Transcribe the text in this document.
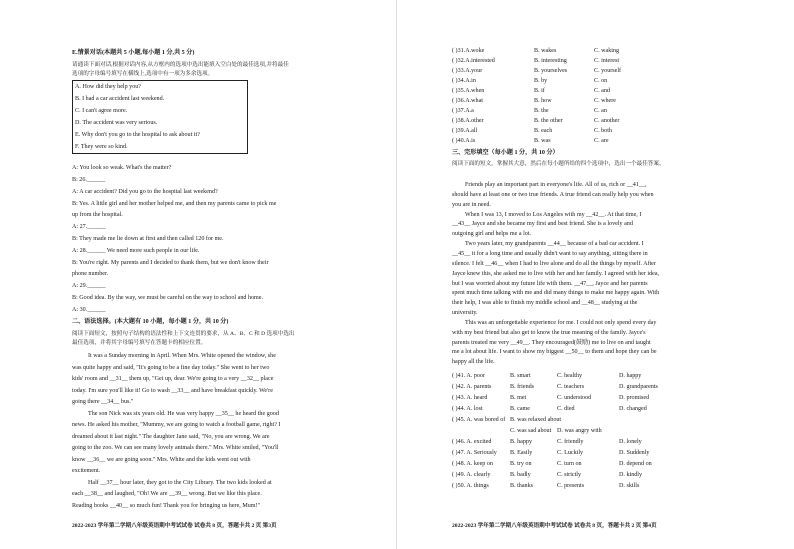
E.情景对话(本题共 5 小题,每小题 1 分,共 5 分)
请通读下面对话,根据对话内容,从方框内的选项中选出能填入空白处的最佳选项,并将最佳
选项的字母编号填写在横线上,选项中有一项为多余选项。
A. How did they help you?
B. I had a car accident last weekend.
C. I can't agree more.
D. The accident was very serious.
E. Why don't you go to the hospital to ask about it?
F. They were so kind.
A: You look so weak. What's the matter?
B: 26.______
A: A car accident? Did you go to the hospital last weekend?
B: Yes. A little girl and her mother helped me, and then my parents came to pick me
up from the hospital.
A: 27.______
B: They made me lie down at first and then called 120 for me.
A: 28.______ We need more such people in our life.
B: You're right. My parents and I decided to thank them, but we don't know their
phone number.
A: 29.______
B: Good idea. By the way, we must be careful on the way to school and home.
A: 30.______
二、语法选择。(本大题有 10 小题，每小题 1 分，共 10 分)
阅读下面短文，按照句子结构的语法性和上下文连贯的要求，从 A、B、C 和 D 选项中选出
最佳选项，并将其字母编号填写在答题卡的相应位置。
It was a Sunday morning in April. When Mrs. White opened the window, she
was quite happy and said, "It's going to be a fine day today." She went to her two
kids' room and __31__ them up, "Get up, dear. We're going to a very __32__ place
today. I'm sure you'll like it! Go to wash __33__ and have breakfast quickly. We're
going there __34__ bus."
The son Nick was six years old. He was very happy __35__ he heard the good
news. He asked his mother, "Mummy, we are going to watch a football game, right? I
dreamed about it last night." The daughter Jane said, "No, you are wrong. We are
going to the zoo. We can see many lovely animals there." Mrs. White smiled, "You'll
know __36__ we are going soon." Mrs. White and the kids went out with
excitement.
Half __37__ hour later, they got to the City Library. The two kids looked at
each __38__ and laughed, "Oh! We are __39__ wrong. But we like this place.
Reading books __40__ so much fun! Thank you for bringing us here, Mum!"
2022-2023 学年第二学期八年级英语期中考试试卷 试卷共 8 页，答题卡共 2 页 第3页
( )31.A.woke	B. wakes	C. waking
( )32.A.interested	B. interesting	C. interest
( )33.A.your	B. yourselves	C. yourself
( )34.A.in	B. by	C. on
( )35.A.when	B. if	C. and
( )36.A.what	B. how	C. where
( )37.A.a	B. the	C. an
( )38.A.other	B. the other	C. another
( )39.A.all	B. each	C. both
( )40.A.is	B. was	C. are
三、完形填空（每小题 1 分，共 10 分）
阅读下面的短文，掌握其大意，然后在每小题所给的四个选项中，选出一个最佳答案。
Friends play an important part in everyone's life. All of us, rich or __41__,
should have at least one or two true friends. A true friend can really help you when
you are in need.
When I was 13, I moved to Los Angeles with my __42__. At that time, I
__43__ Jayce and she became my first and best friend. She is a lovely and
outgoing girl and helps me a lot.
Two years later, my grandparents __44__ because of a bad car accident. I
__45__ it for a long time and usually didn't want to say anything, sitting there in
silence. I felt __46__ when I had to live alone and do all the things by myself. After
Jayce knew this, she asked me to live with her and her family. I agreed with her idea,
but I was worried about my future life with them. __47__, Jayce and her parents
spent much time talking with me and did many things to make me happy again. With
their help, I was able to finish my middle school and __48__ studying at the
university.
This was an unforgettable experience for me. I could not only spend every day
with my best friend but also get to know the true meaning of the family. Jayce's
parents treated me very __49__. They encouraged(鼓励) me to live on and taught
me a lot about life. I want to show my biggest __50__ to them and hope they can be
happy all the life.
( )41. A. poor	B. smart	C. healthy	D. happy
( )42. A. parents	B. friends	C. teachers	D. grandparents
( )43. A. heard	B. met	C. understood	D. promised
( )44. A. lost	B. came	C. died	D. changed
( )45. A. was bored of B. was relaxed about
C. was sad about D. was angry with
( )46. A. excited	B. happy	C. friendly	D. lonely
( )47. A. Seriously B. Easily	C. Luckily	D. Suddenly
( )48. A. keep on	B. try on	C. turn on	D. depend on
( )49. A. clearly	B. badly	C. strictly	D. kindly
( )50. A. things	B. thanks	C. presents	D. skills
2022-2023 学年第二学期八年级英语期中考试试卷 试卷共 8 页，答题卡共 2 页 第4页
